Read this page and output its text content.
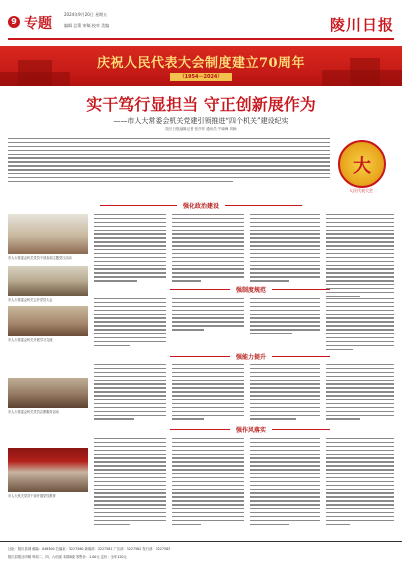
9 专题
2024年9月20日 星期五
编辑 总策 审稿 校对 美编	陵川日报
庆祝人民代表大会制度建立70周年
（1954－2024）
实干笃行显担当 守正创新展作为
——市人大常委会机关党建引领推进“四个机关”建设纪实
陵川日报融媒记者 张莎莎 通讯员 牛晓峰 刘畅
大
人民代表大会
强化政治建设
市人大常委会机关党员干部参加主题党日活动
市人大常委会机关召开党员大会
强制度规范
市人大常委会机关开展学习交流
强能力提升
市人大常委会机关党员志愿服务活动
强作风落实
市人大机关党员干部开展党性教育
社址：陵川县城 邮编：048300 总编室：3227580 新闻部：3227581 广告部：3227582 发行部：3227583
陵川县报社印刷 每周二、四、六出版 本期4版 零售价：1.00元 定价：全年120元
